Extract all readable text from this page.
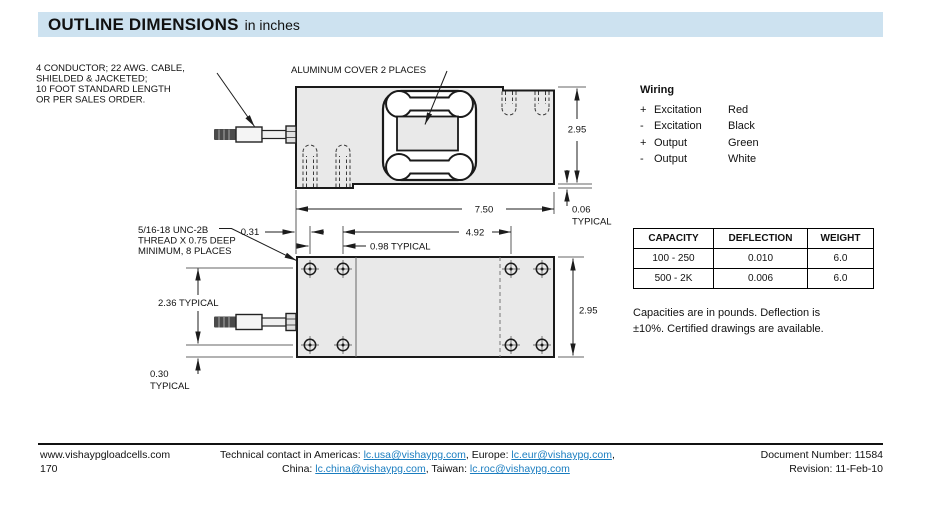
OUTLINE DIMENSIONS in inches
4 CONDUCTOR; 22 AWG. CABLE,
SHIELDED & JACKETED;
10 FOOT STANDARD LENGTH
OR PER SALES ORDER.
ALUMINUM COVER 2 PLACES
5/16-18 UNC-2B
THREAD X 0.75 DEEP
MINIMUM, 8 PLACES
7.50
4.92
0.31
0.98 TYPICAL
2.95
0.06
TYPICAL
2.36 TYPICAL
0.30
TYPICAL
2.95
Wiring
+ Excitation	Red
- Excitation	Black
+ Output	Green
- Output	White
CAPACITY	DEFLECTION	WEIGHT
100 - 250	0.010	6.0
500 - 2K	0.006	6.0
Capacities are in pounds. Deflection is
±10%. Certified drawings are available.
www.vishaypgloadcells.com
170
Technical contact in Americas: lc.usa@vishaypg.com, Europe: lc.eur@vishaypg.com,
China: lc.china@vishaypg.com, Taiwan: lc.roc@vishaypg.com
Document Number: 11584
Revision: 11-Feb-10
